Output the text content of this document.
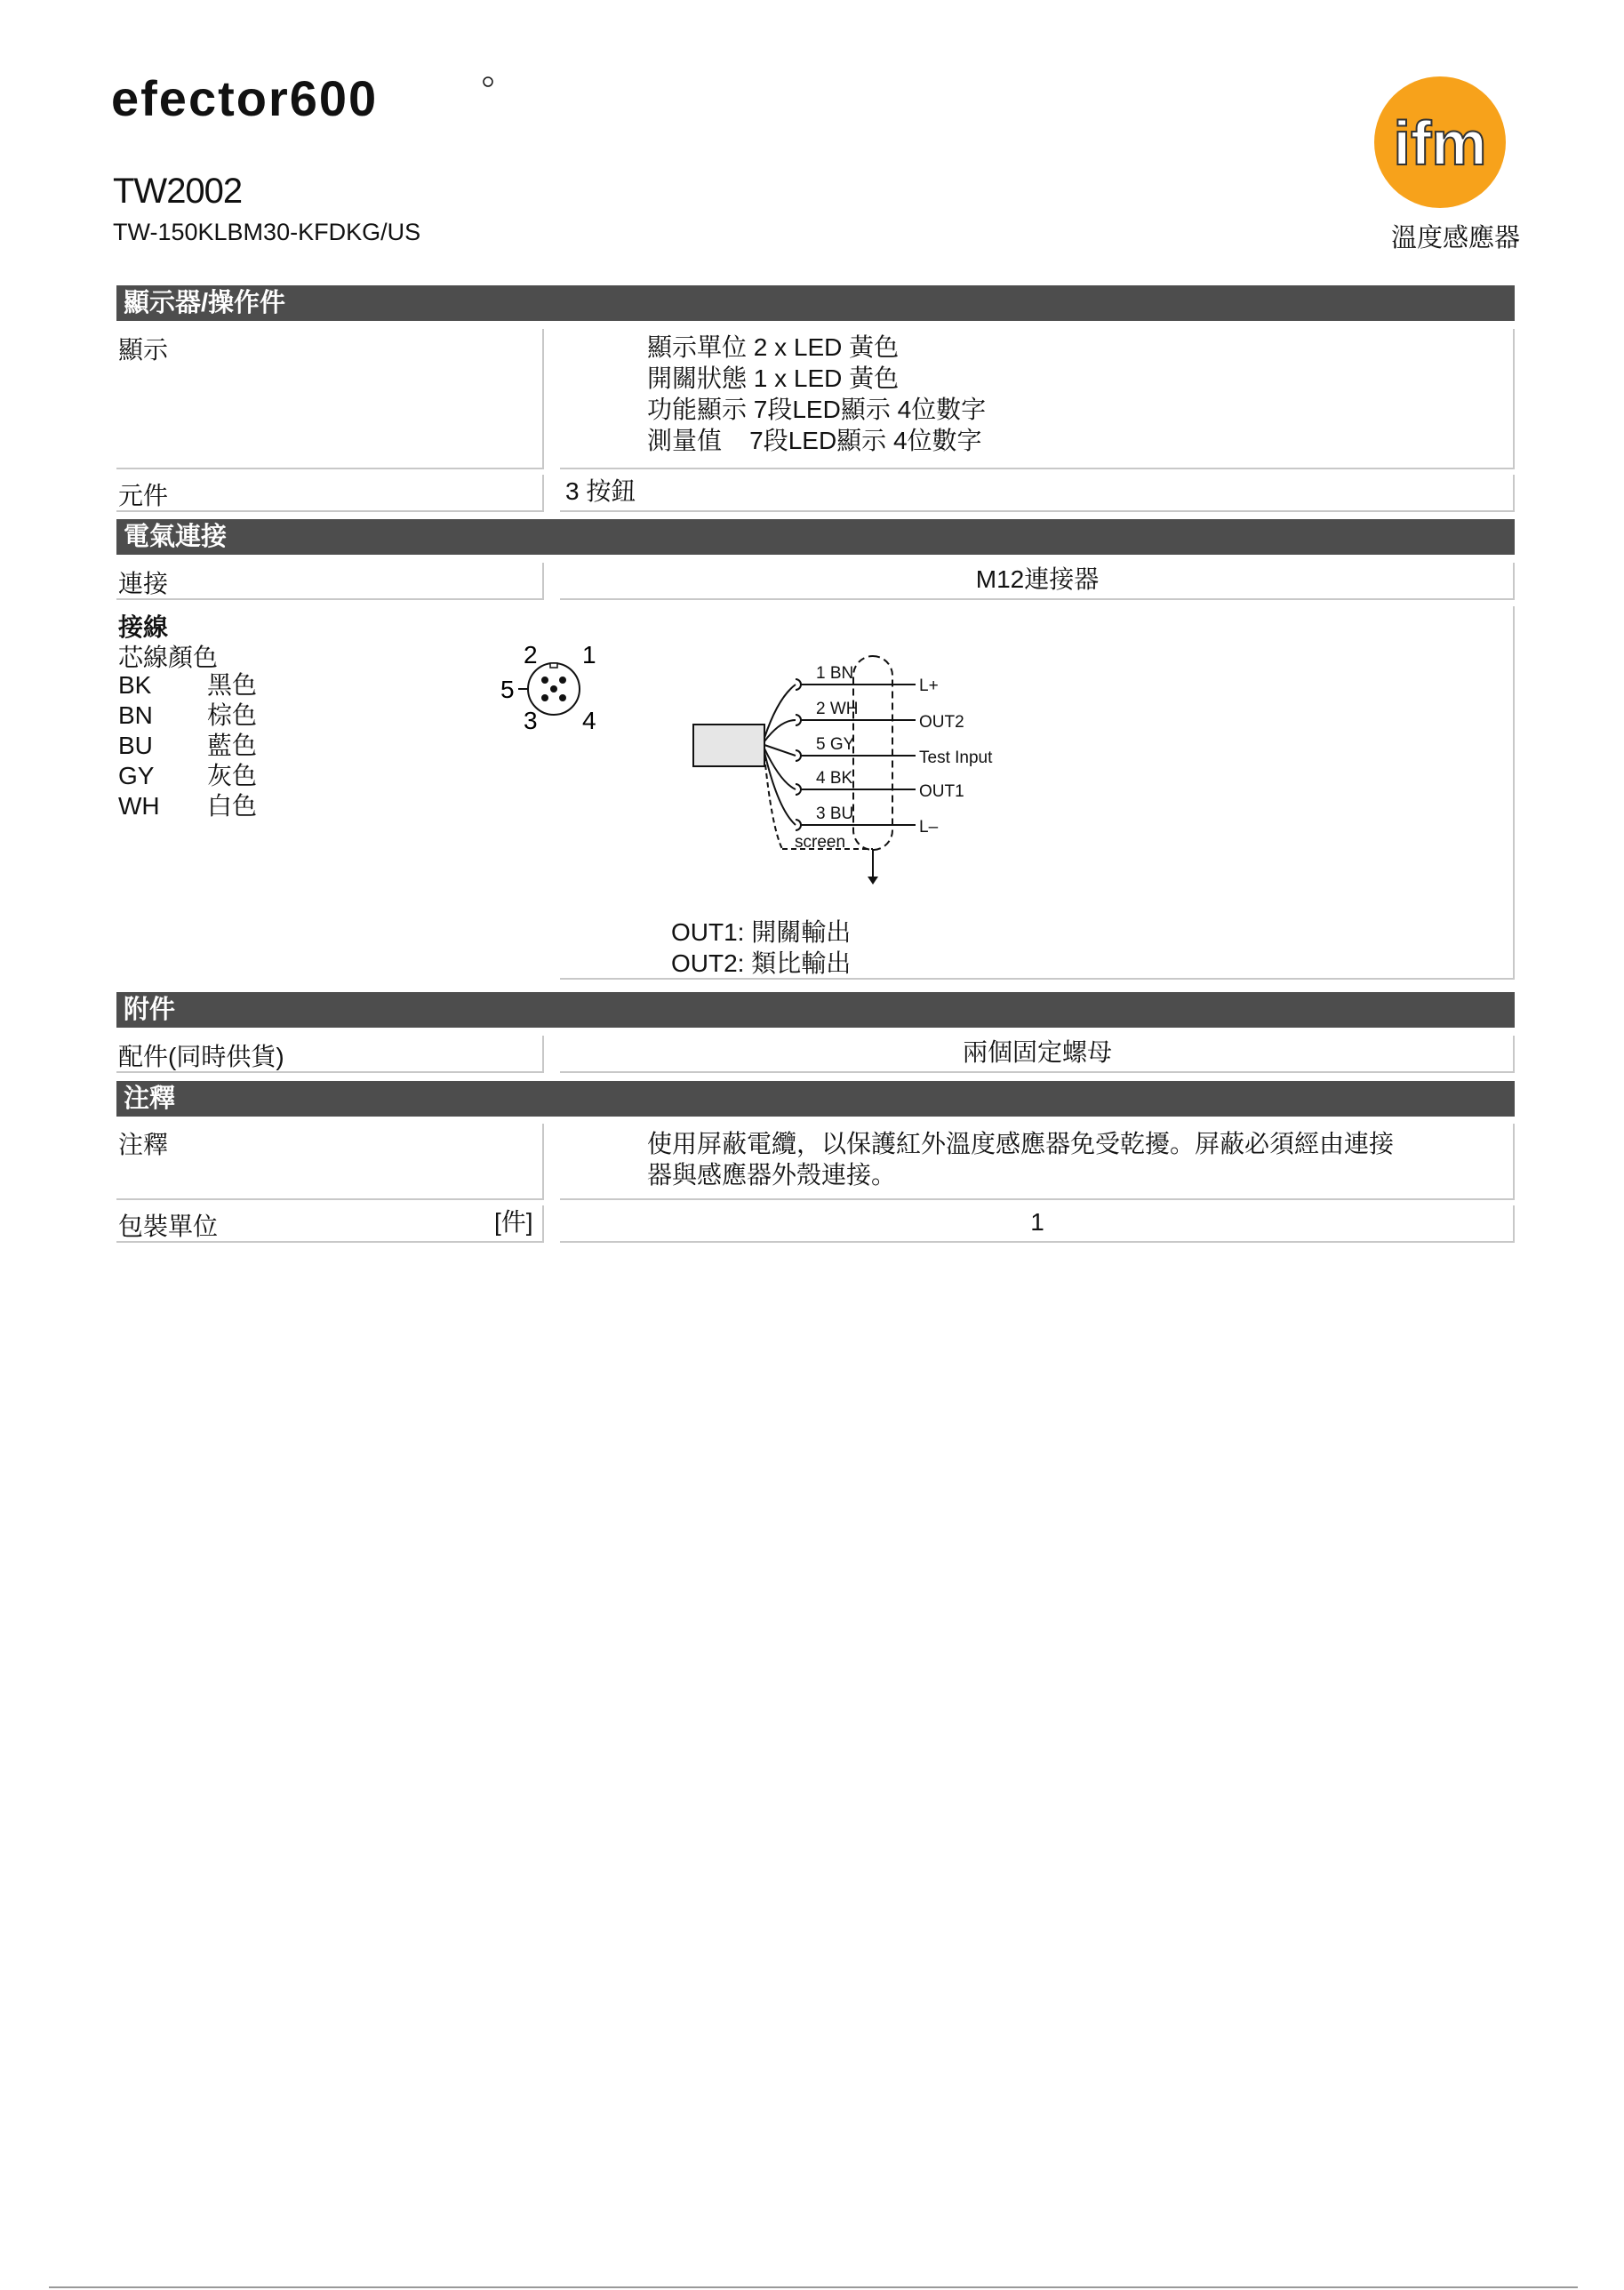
efector600
TW2002
TW-150KLBM30-KFDKG/US
ifm
溫度感應器
顯示器/操作件
顯示	顯示單位 2 x LED 黃色
開關狀態 1 x LED 黃色
功能顯示 7段LED顯示 4位數字
測量值    7段LED顯示 4位數字
元件	3 按鈕
電氣連接
連接	M12連接器
接線
芯線顏色
BK 黑色
BN 棕色
BU 藍色
GY 灰色
WH 白色
2 1
5
3 4
1 BN
2 WH
5 GY
4 BK
3 BU
screen
L+
OUT2
Test Input
OUT1
L–
OUT1: 開關輸出
OUT2: 類比輸出
附件
配件(同時供貨)	兩個固定螺母
注釋
注釋	使用屏蔽電纜，以保護紅外溫度感應器免受乾擾。屏蔽必須經由連接
器與感應器外殼連接。
包裝單位	[件]	1
